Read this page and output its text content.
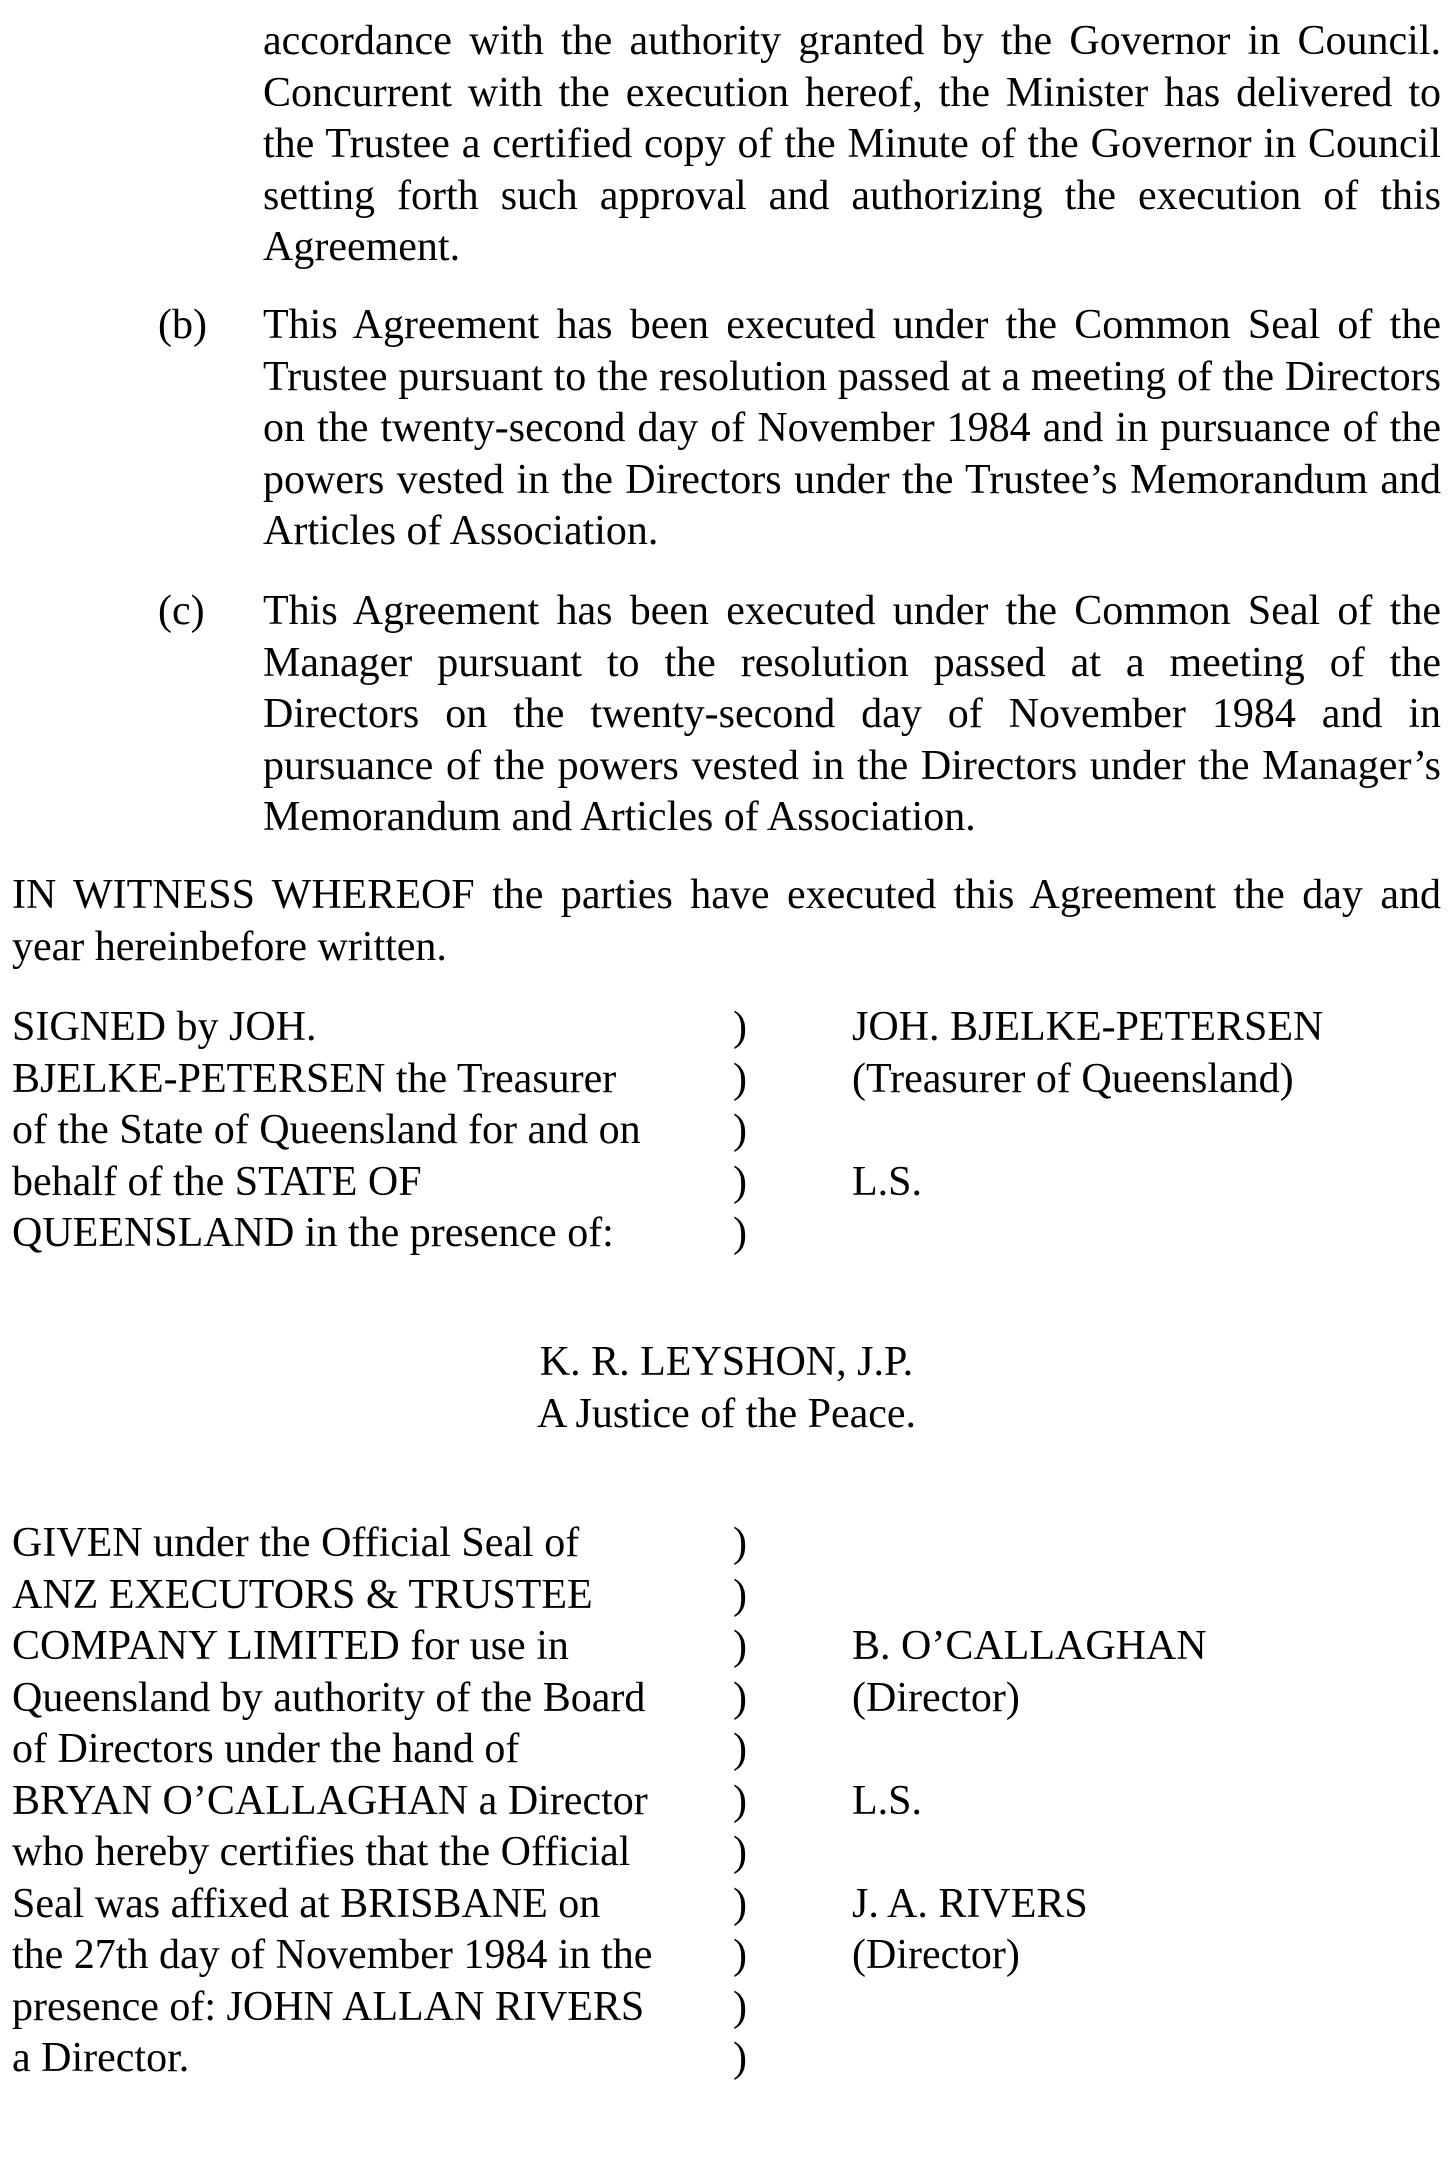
accordance with the authority granted by the Governor in Council. Concurrent with the execution hereof, the Minister has delivered to the Trustee a certified copy of the Minute of the Governor in Council setting forth such approval and authorizing the execution of this Agreement.
(b) This Agreement has been executed under the Common Seal of the Trustee pursuant to the resolution passed at a meeting of the Directors on the twenty-second day of November 1984 and in pursuance of the powers vested in the Directors under the Trustee’s Memorandum and Articles of Association.
(c) This Agreement has been executed under the Common Seal of the Manager pursuant to the resolution passed at a meeting of the Directors on the twenty-second day of November 1984 and in pursuance of the powers vested in the Directors under the Manager’s Memorandum and Articles of Association.
IN WITNESS WHEREOF the parties have executed this Agreement the day and year hereinbefore written.
SIGNED by JOH.	)	JOH. BJELKE-PETERSEN
BJELKE-PETERSEN the Treasurer	)	(Treasurer of Queensland)
of the State of Queensland for and on )
behalf of the STATE OF	)	L.S.
QUEENSLAND in the presence of:	)
K. R. LEYSHON, J.P.
A Justice of the Peace.
GIVEN under the Official Seal of	)
ANZ EXECUTORS & TRUSTEE	)
COMPANY LIMITED for use in	)	B. O’CALLAGHAN
Queensland by authority of the Board )	(Director)
of Directors under the hand of	)
BRYAN O’CALLAGHAN a Director )	L.S.
who hereby certifies that the Official )
Seal was affixed at BRISBANE on	)	J. A. RIVERS
the 27th day of November 1984 in the )	(Director)
presence of: JOHN ALLAN RIVERS )
a Director.	)
